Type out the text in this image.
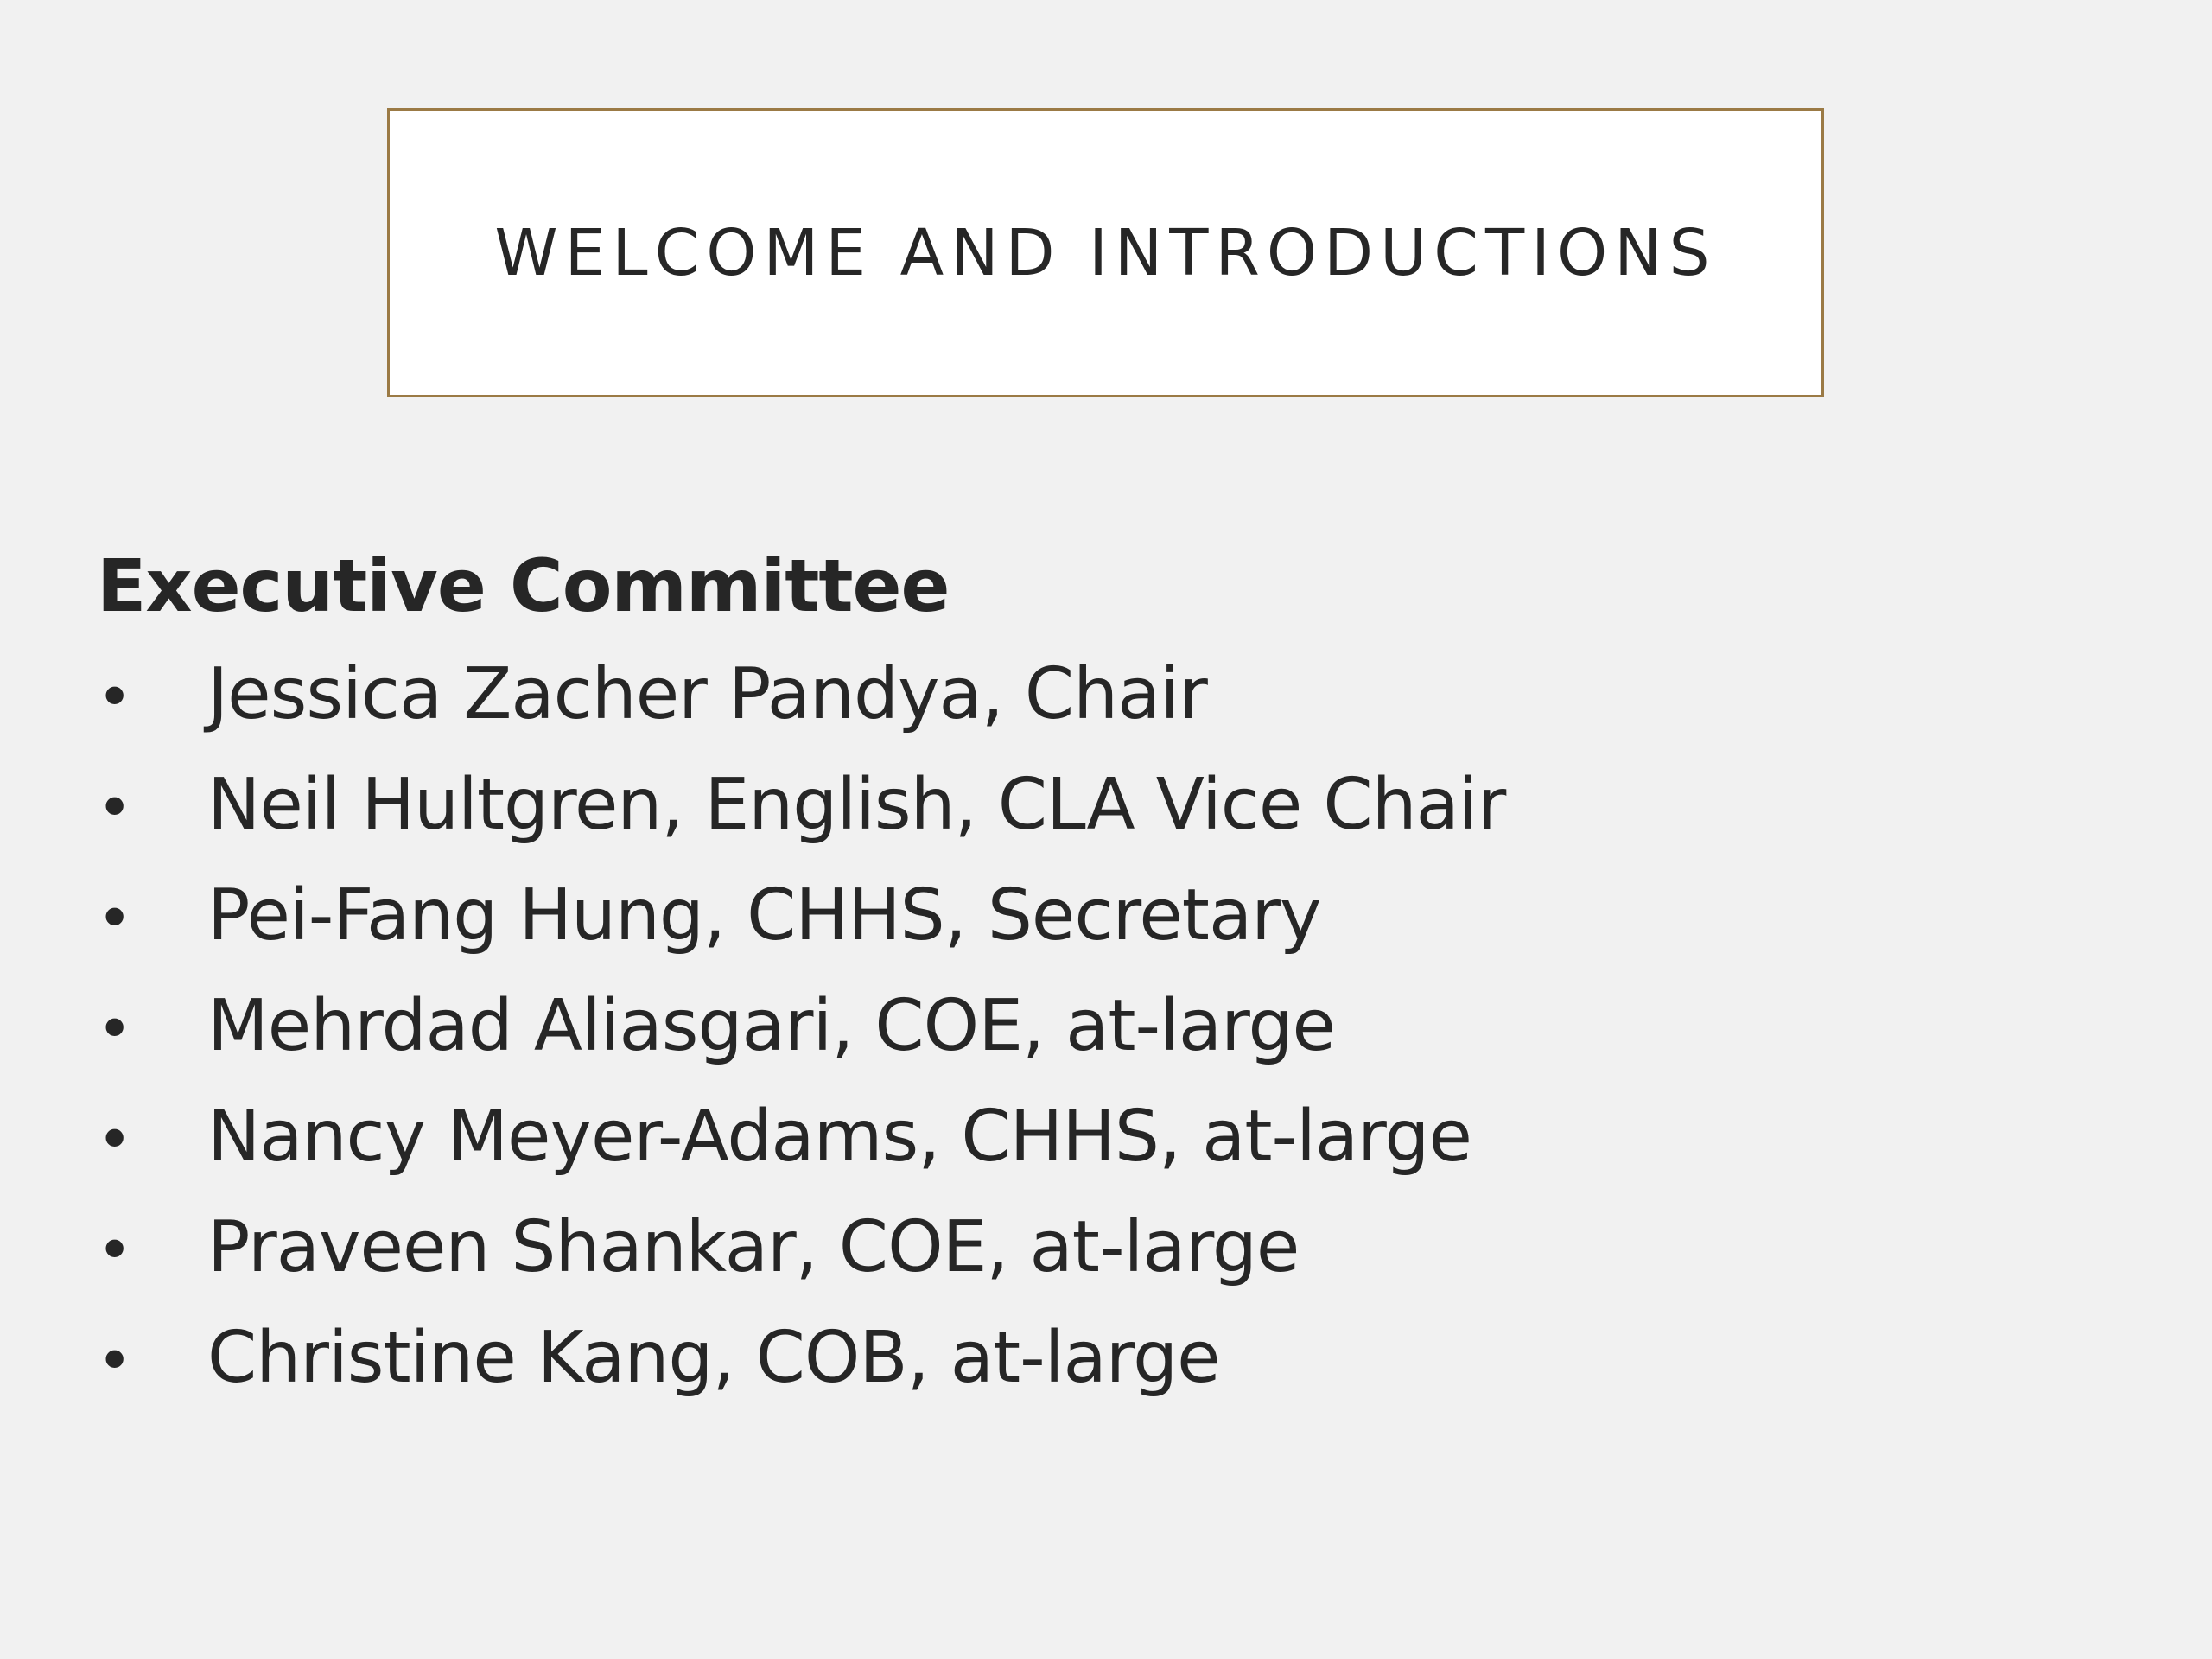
WELCOME AND INTRODUCTIONS
Executive Committee
•	Jessica Zacher Pandya, Chair
•	Neil Hultgren, English, CLA Vice Chair
•	Pei-Fang Hung, CHHS, Secretary
•	Mehrdad Aliasgari, COE, at-large
•	Nancy Meyer-Adams, CHHS, at-large
•	Praveen Shankar, COE, at-large
•	Christine Kang, COB, at-large
